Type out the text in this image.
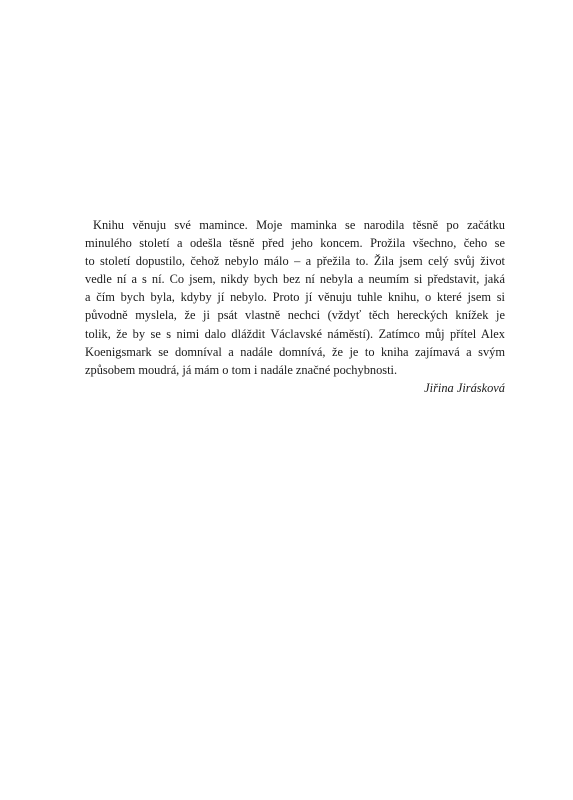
Knihu věnuju své mamince. Moje maminka se narodila těsně po začátku
minulého století a odešla těsně před jeho koncem. Prožila všechno, čeho se
to století dopustilo, čehož nebylo málo – a přežila to. Žila jsem celý svůj život
vedle ní a s ní. Co jsem, nikdy bych bez ní nebyla a neumím si představit, jaká
a čím bych byla, kdyby jí nebylo. Proto jí věnuju tuhle knihu, o které jsem si
původně myslela, že ji psát vlastně nechci (vždyť těch hereckých knížek je
tolik, že by se s nimi dalo dláždit Václavské náměstí). Zatímco můj přítel Alex
Koenigsmark se domníval a nadále domnívá, že je to kniha zajímavá a svým
způsobem moudrá, já mám o tom i nadále značné pochybnosti.
Jiřina Jirásková
